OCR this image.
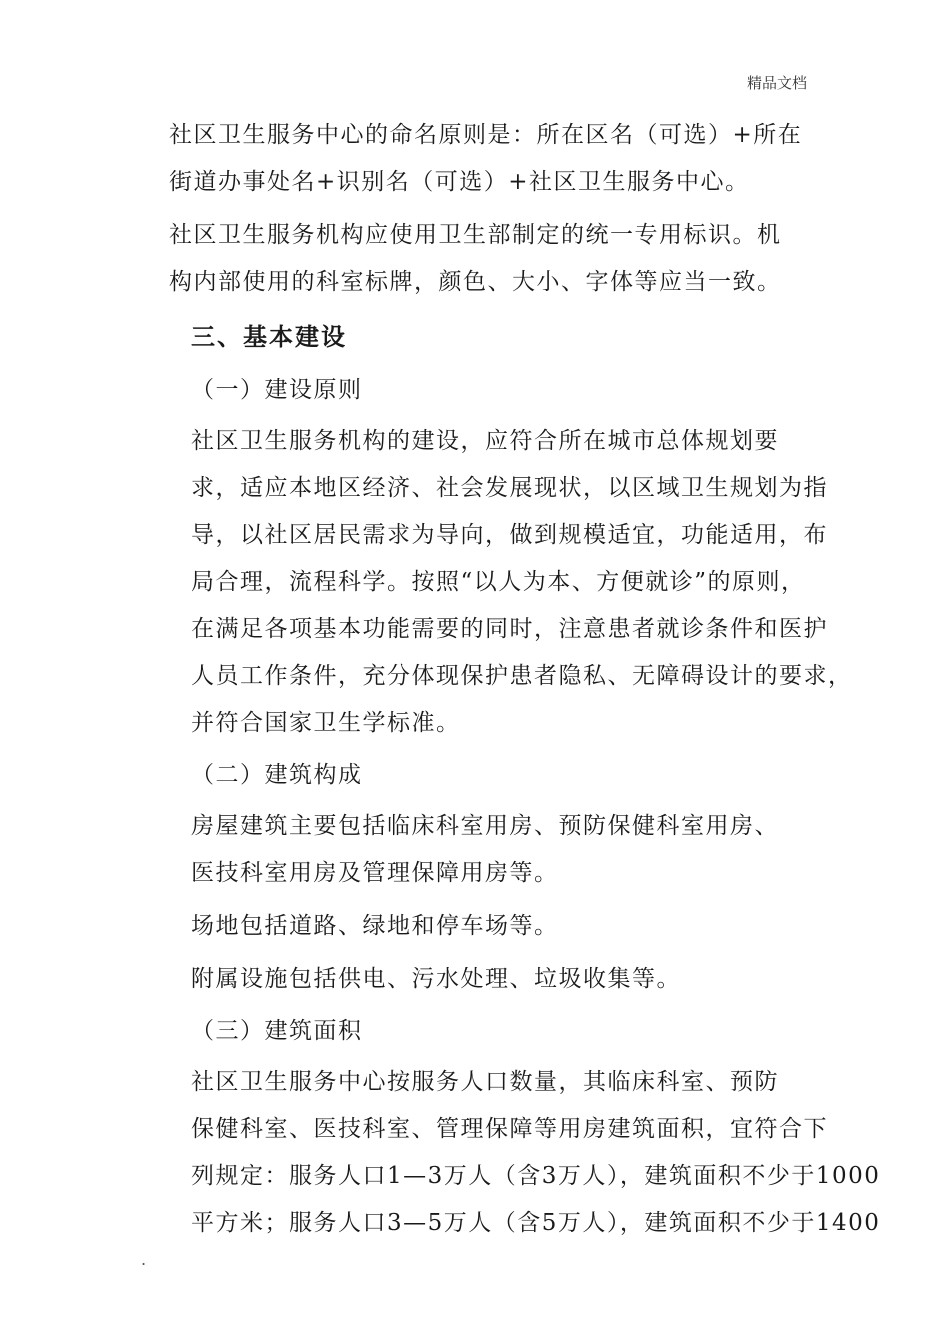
精品文档
社区卫生服务中心的命名原则是：所在区名（可选）+所在
街道办事处名+识别名（可选）+社区卫生服务中心。
社区卫生服务机构应使用卫生部制定的统一专用标识。机
构内部使用的科室标牌，颜色、大小、字体等应当一致。
三、基本建设
（一）建设原则
社区卫生服务机构的建设，应符合所在城市总体规划要
求，适应本地区经济、社会发展现状，以区域卫生规划为指
导，以社区居民需求为导向，做到规模适宜，功能适用，布
局合理，流程科学。按照“以人为本、方便就诊”的原则，
在满足各项基本功能需要的同时，注意患者就诊条件和医护
人员工作条件，充分体现保护患者隐私、无障碍设计的要求，
并符合国家卫生学标准。
（二）建筑构成
房屋建筑主要包括临床科室用房、预防保健科室用房、
医技科室用房及管理保障用房等。
场地包括道路、绿地和停车场等。
附属设施包括供电、污水处理、垃圾收集等。
（三）建筑面积
社区卫生服务中心按服务人口数量，其临床科室、预防
保健科室、医技科室、管理保障等用房建筑面积，宜符合下
列规定：服务人口1—3万人（含3万人），建筑面积不少于1000
平方米；服务人口3—5万人（含5万人），建筑面积不少于1400
.
